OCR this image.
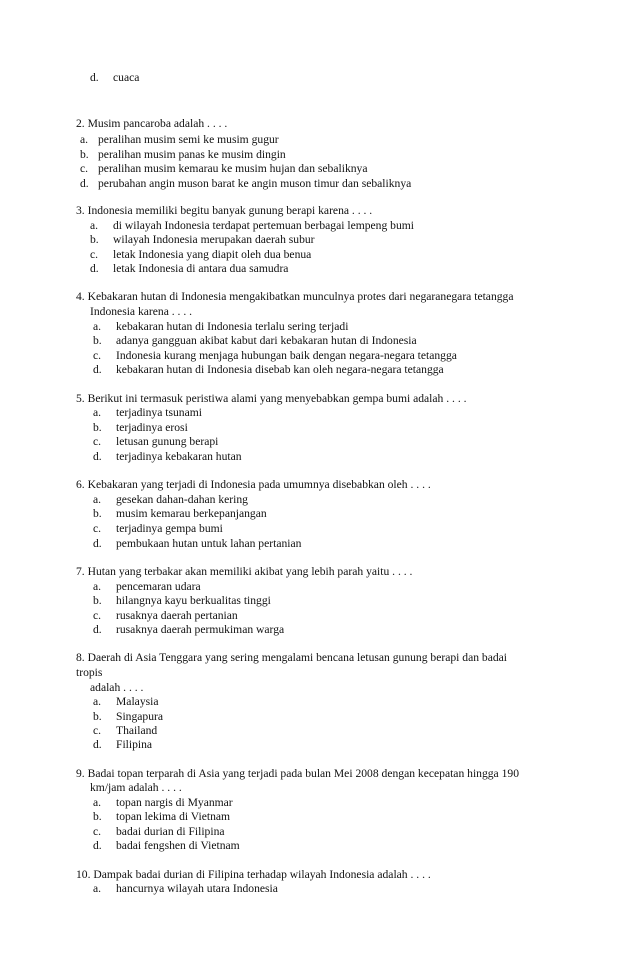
d. cuaca
2. Musim pancaroba adalah . . . .
a. peralihan musim semi ke musim gugur
b. peralihan musim panas ke musim dingin
c. peralihan musim kemarau ke musim hujan dan sebaliknya
d. perubahan angin muson barat ke angin muson timur dan sebaliknya
3. Indonesia memiliki begitu banyak gunung berapi karena . . . .
a. di wilayah Indonesia terdapat pertemuan berbagai lempeng bumi
b. wilayah Indonesia merupakan daerah subur
c. letak Indonesia yang diapit oleh dua benua
d. letak Indonesia di antara dua samudra
4. Kebakaran hutan di Indonesia mengakibatkan munculnya protes dari negaranegara tetangga
Indonesia karena . . . .
a. kebakaran hutan di Indonesia terlalu sering terjadi
b. adanya gangguan akibat kabut dari kebakaran hutan di Indonesia
c. Indonesia kurang menjaga hubungan baik dengan negara-negara tetangga
d. kebakaran hutan di Indonesia disebab kan oleh negara-negara tetangga
5. Berikut ini termasuk peristiwa alami yang menyebabkan gempa bumi adalah . . . .
a. terjadinya tsunami
b. terjadinya erosi
c. letusan gunung berapi
d. terjadinya kebakaran hutan
6. Kebakaran yang terjadi di Indonesia pada umumnya disebabkan oleh . . . .
a. gesekan dahan-dahan kering
b. musim kemarau berkepanjangan
c. terjadinya gempa bumi
d. pembukaan hutan untuk lahan pertanian
7. Hutan yang terbakar akan memiliki akibat yang lebih parah yaitu . . . .
a. pencemaran udara
b. hilangnya kayu berkualitas tinggi
c. rusaknya daerah pertanian
d. rusaknya daerah permukiman warga
8. Daerah di Asia Tenggara yang sering mengalami bencana letusan gunung berapi dan badai
tropis
adalah . . . .
a. Malaysia
b. Singapura
c. Thailand
d. Filipina
9. Badai topan terparah di Asia yang terjadi pada bulan Mei 2008 dengan kecepatan hingga 190
km/jam adalah . . . .
a. topan nargis di Myanmar
b. topan lekima di Vietnam
c. badai durian di Filipina
d. badai fengshen di Vietnam
10. Dampak badai durian di Filipina terhadap wilayah Indonesia adalah . . . .
a. hancurnya wilayah utara Indonesia
